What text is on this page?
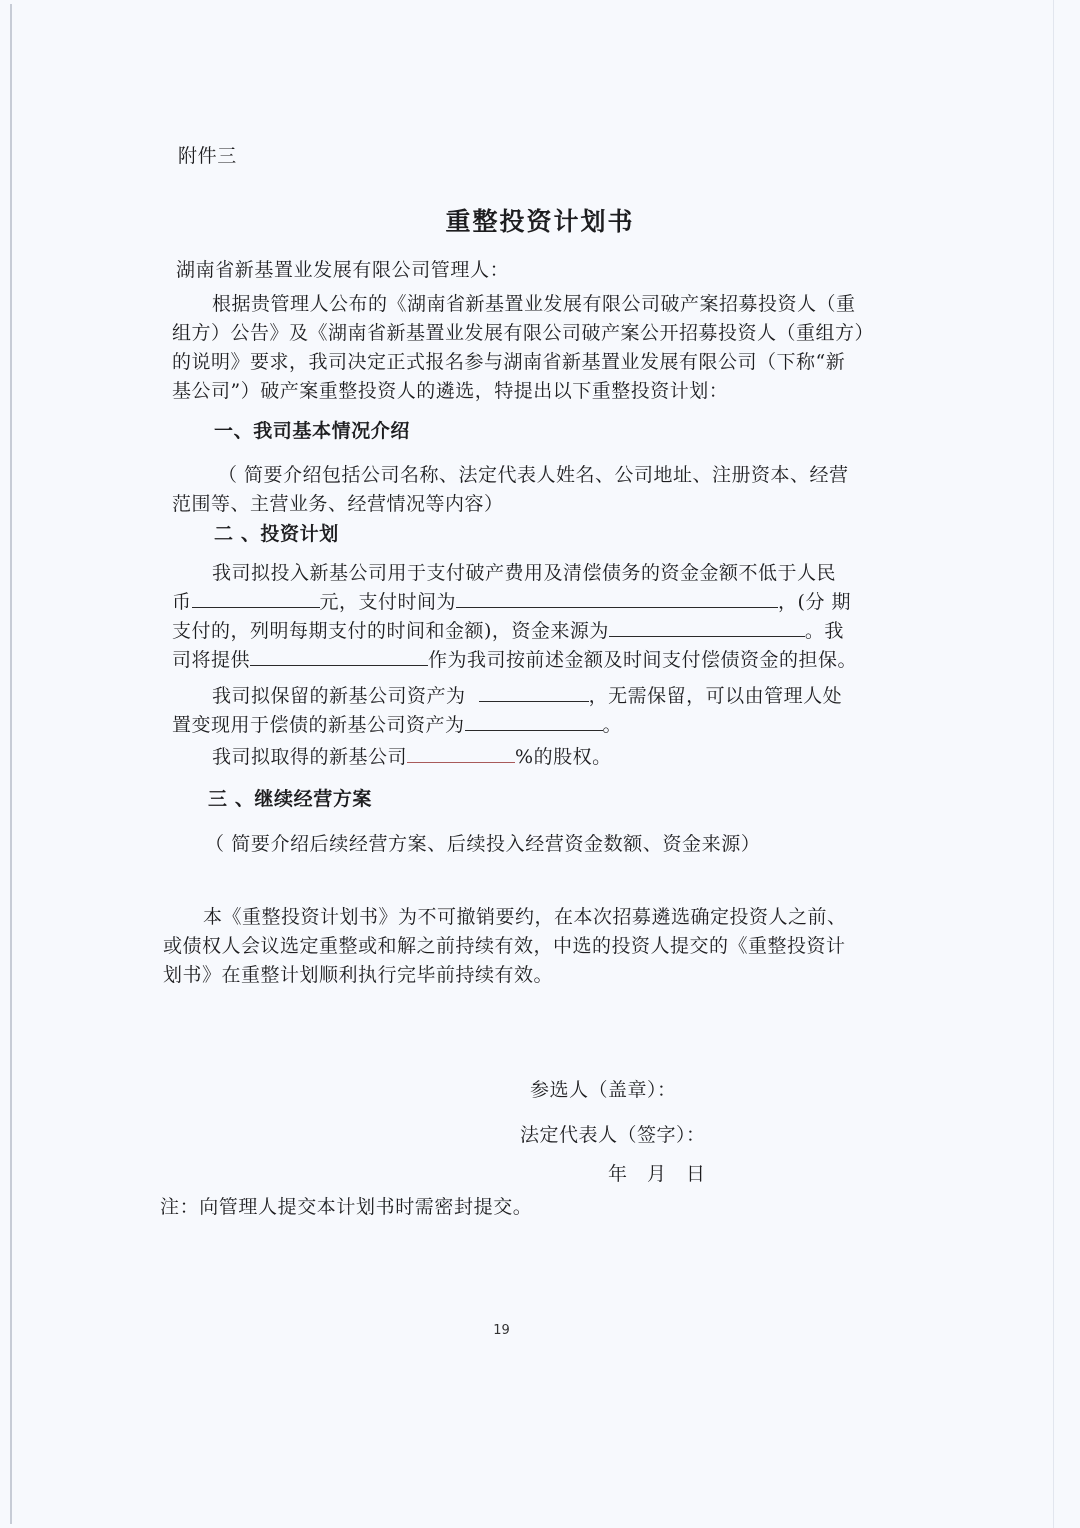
附件三
重整投资计划书
湖南省新基置业发展有限公司管理人：
根据贵管理人公布的《湖南省新基置业发展有限公司破产案招募投资人（重
组方）公告》及《湖南省新基置业发展有限公司破产案公开招募投资人（重组方）
的说明》要求，我司决定正式报名参与湖南省新基置业发展有限公司（下称“新
基公司”）破产案重整投资人的遴选，特提出以下重整投资计划：
一、我司基本情况介绍
（ 简要介绍包括公司名称、法定代表人姓名、公司地址、注册资本、经营
范围等、主营业务、经营情况等内容）
二 、投资计划
我司拟投入新基公司用于支付破产费用及清偿债务的资金金额不低于人民
币	元，支付时间为	，(分 期
支付的，列明每期支付的时间和金额)，资金来源为	。我
司将提供	作为我司按前述金额及时间支付偿债资金的担保。
我司拟保留的新基公司资产为	，无需保留，可以由管理人处
置变现用于偿债的新基公司资产为	。
我司拟取得的新基公司	%的股权。
三 、继续经营方案
（ 简要介绍后续经营方案、后续投入经营资金数额、资金来源）
本《重整投资计划书》为不可撤销要约，在本次招募遴选确定投资人之前、
或债权人会议选定重整或和解之前持续有效，中选的投资人提交的《重整投资计
划书》在重整计划顺利执行完毕前持续有效。
参选人（盖章）：
法定代表人（签字）：
年　月　日
注：向管理人提交本计划书时需密封提交。
19
